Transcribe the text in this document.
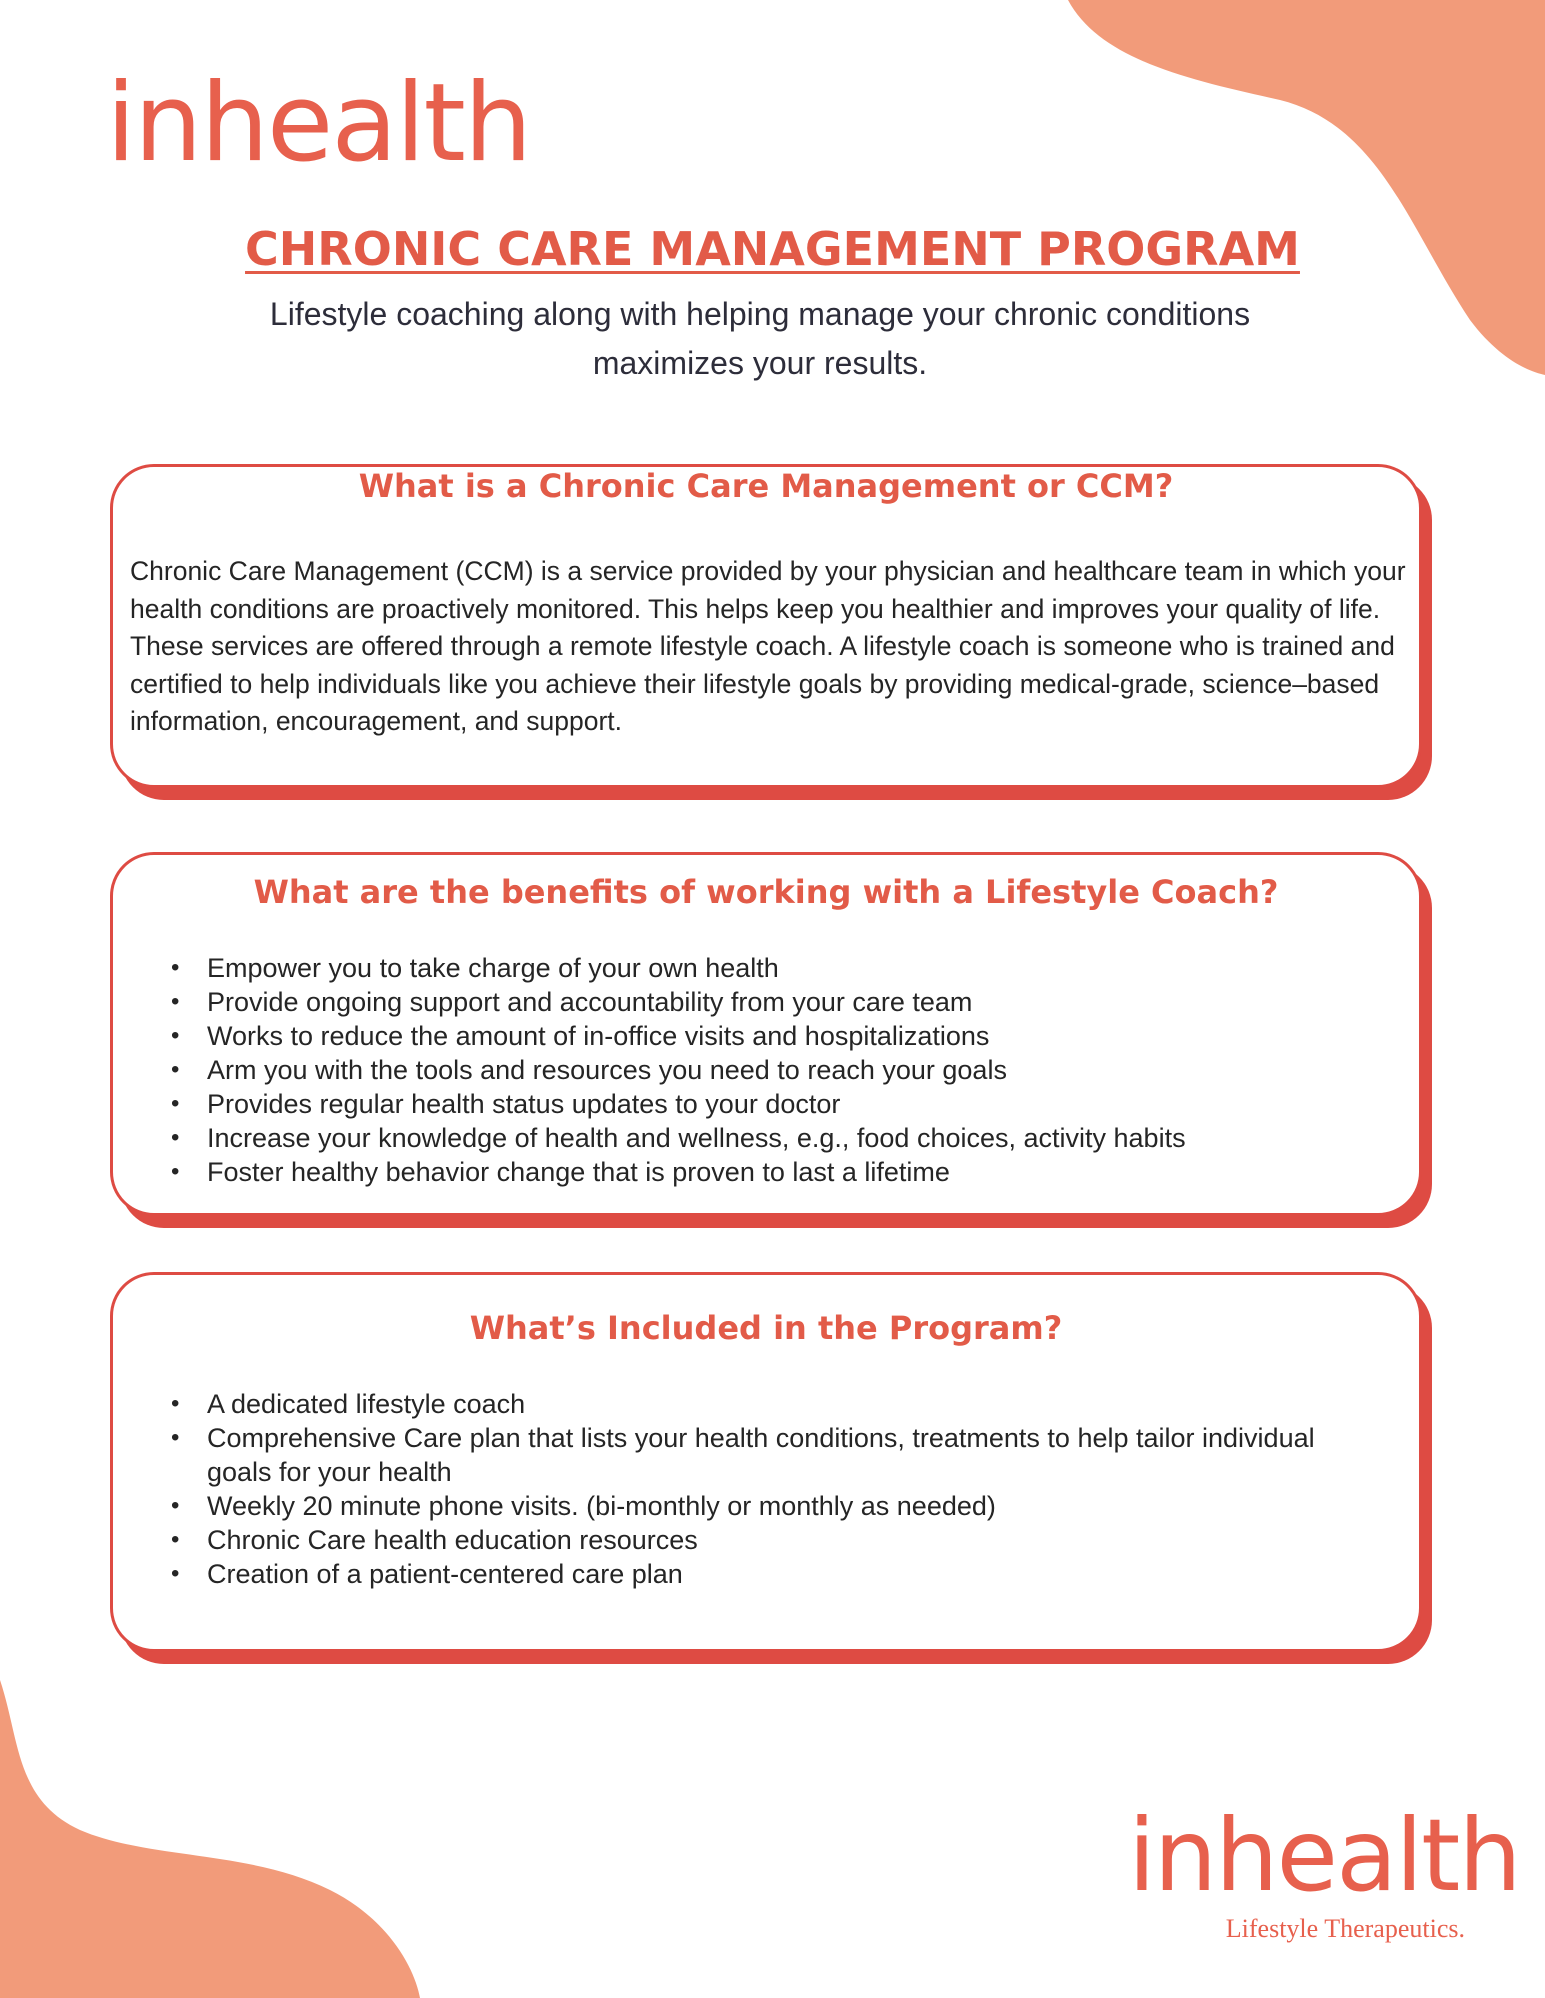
inhealth
CHRONIC CARE MANAGEMENT PROGRAM

Lifestyle coaching along with helping manage your chronic conditions maximizes your results.

What is a Chronic Care Management or CCM?

Chronic Care Management (CCM) is a service provided by your physician and healthcare team in which your health conditions are proactively monitored. This helps keep you healthier and improves your quality of life. These services are offered through a remote lifestyle coach. A lifestyle coach is someone who is trained and certified to help individuals like you achieve their lifestyle goals by providing medical-grade, science–based information, encouragement, and support.

What are the benefits of working with a Lifestyle Coach?
• Empower you to take charge of your own health
• Provide ongoing support and accountability from your care team
• Works to reduce the amount of in-office visits and hospitalizations
• Arm you with the tools and resources you need to reach your goals
• Provides regular health status updates to your doctor
• Increase your knowledge of health and wellness, e.g., food choices, activity habits
• Foster healthy behavior change that is proven to last a lifetime
What’s Included in the Program?
• A dedicated lifestyle coach
• Comprehensive Care plan that lists your health conditions, treatments to help tailor individual goals for your health
• Weekly 20 minute phone visits. (bi-monthly or monthly as needed)
• Chronic Care health education resources
• Creation of a patient-centered care plan
inhealth
Lifestyle Therapeutics.
